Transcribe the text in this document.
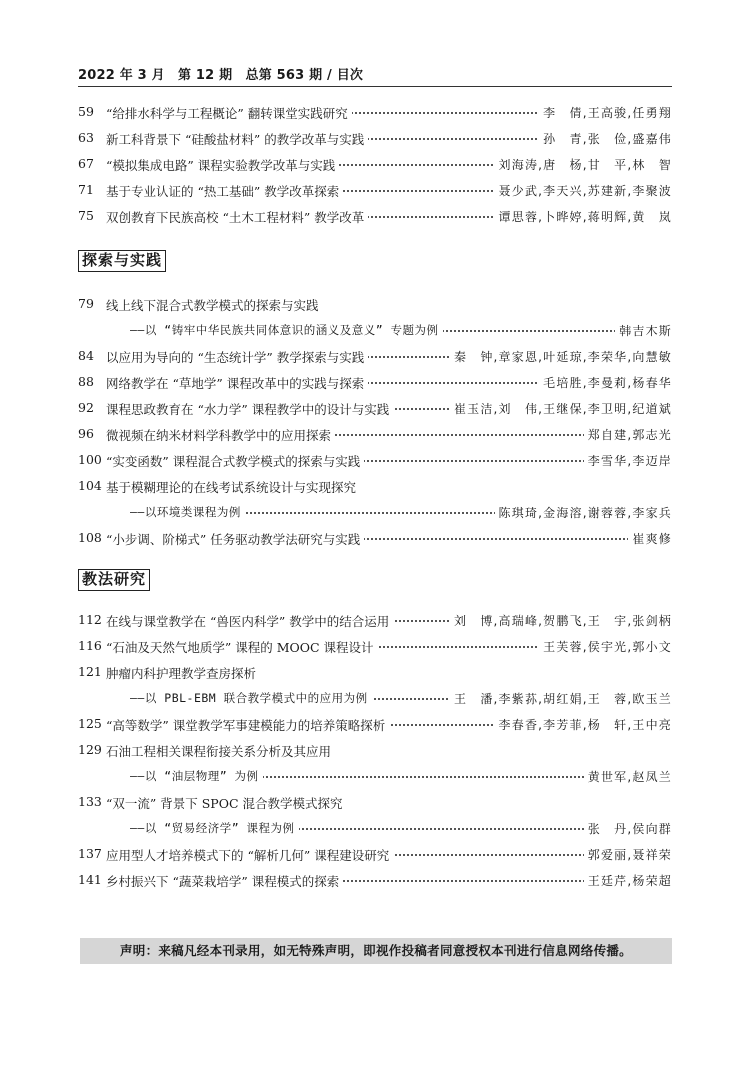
2022 年 3 月　第 12 期　总第 563 期 / 目次
59 “给排水科学与工程概论” 翻转课堂实践研究	李　倩,王高骏,任勇翔
63 新工科背景下 “硅酸盐材料” 的教学改革与实践	孙　青,张　俭,盛嘉伟
67 “模拟集成电路” 课程实验教学改革与实践	刘海涛,唐　杨,甘　平,林　智
71 基于专业认证的 “热工基础” 教学改革探索	聂少武,李天兴,苏建新,李聚波
75 双创教育下民族高校 “土木工程材料” 教学改革	谭思蓉,卜晔婷,蒋明辉,黄　岚
探索与实践
79 线上线下混合式教学模式的探索与实践
——以 “铸牢中华民族共同体意识的涵义及意义” 专题为例	韩吉木斯
84 以应用为导向的 “生态统计学” 教学探索与实践	秦　钟,章家恩,叶延琼,李荣华,向慧敏
88 网络教学在 “草地学” 课程改革中的实践与探索	毛培胜,李曼莉,杨春华
92 课程思政教育在 “水力学” 课程教学中的设计与实践	崔玉洁,刘　伟,王继保,李卫明,纪道斌
96 微视频在纳米材料学科教学中的应用探索	郑自建,郭志光
100 “实变函数” 课程混合式教学模式的探索与实践	李雪华,李迈岸
104 基于模糊理论的在线考试系统设计与实现探究
——以环境类课程为例	陈琪琦,金海溶,谢蓉蓉,李家兵
108 “小步调、阶梯式” 任务驱动教学法研究与实践	崔爽修
教法研究
112 在线与课堂教学在 “兽医内科学” 教学中的结合运用	刘　博,高瑞峰,贺鹏飞,王　宇,张剑柄
116 “石油及天然气地质学” 课程的 MOOC 课程设计	王芙蓉,侯宇光,郭小文
121 肿瘤内科护理教学查房探析
——以 PBL-EBM 联合教学模式中的应用为例	王　潘,李紫荪,胡红娟,王　蓉,欧玉兰
125 “高等数学” 课堂教学军事建模能力的培养策略探析	李春香,李芳菲,杨　轩,王中亮
129 石油工程相关课程衔接关系分析及其应用
——以 “油层物理” 为例	黄世军,赵凤兰
133 “双一流” 背景下 SPOC 混合教学模式探究
——以 “贸易经济学” 课程为例	张　丹,侯向群
137 应用型人才培养模式下的 “解析几何” 课程建设研究	郭爱丽,聂祥荣
141 乡村振兴下 “蔬菜栽培学” 课程模式的探索	王廷芹,杨荣超
声明：来稿凡经本刊录用，如无特殊声明，即视作投稿者同意授权本刊进行信息网络传播。
